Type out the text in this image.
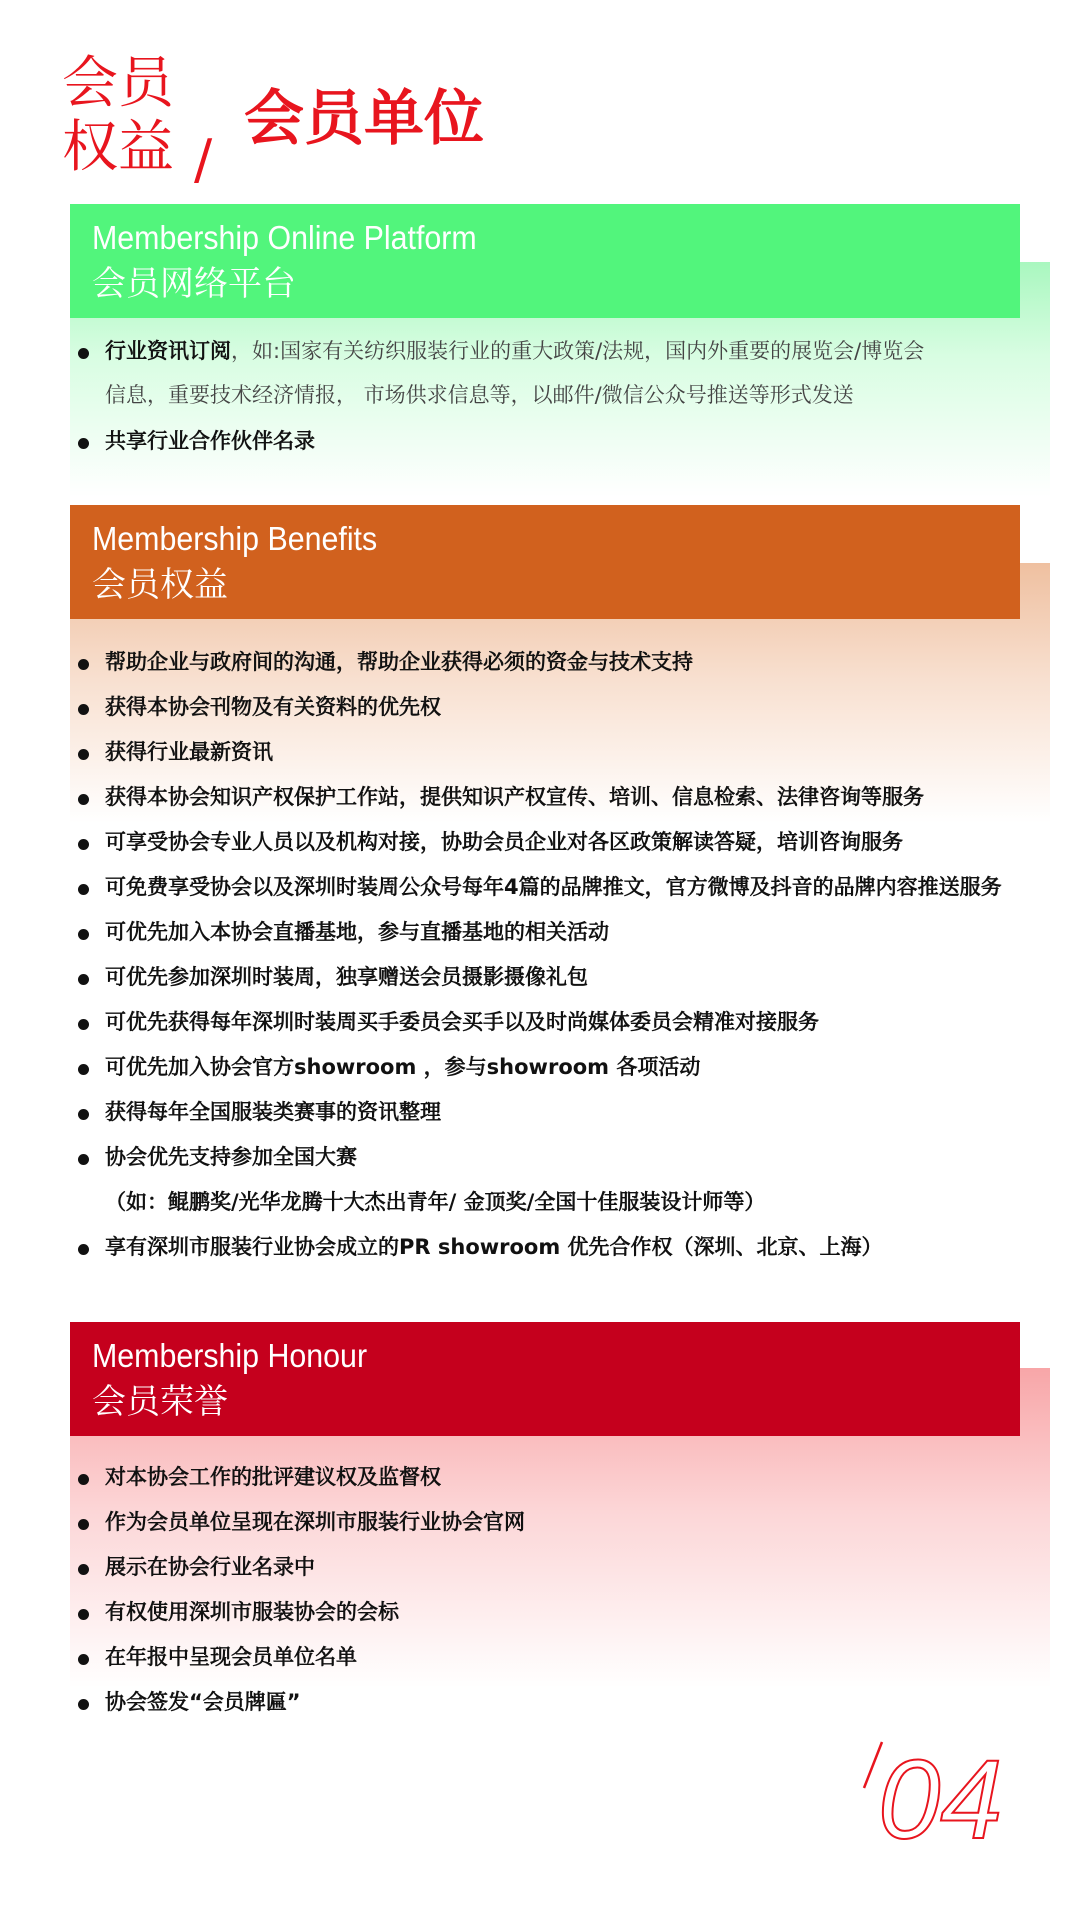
会员
权益 /
会员单位
Membership Online Platform
会员网络平台
行业资讯订阅，如:国家有关纺织服装行业的重大政策/法规，国内外重要的展览会/博览会
信息，重要技术经济情报， 市场供求信息等，以邮件/微信公众号推送等形式发送
共享行业合作伙伴名录
Membership Benefits
会员权益
帮助企业与政府间的沟通，帮助企业获得必须的资金与技术支持
获得本协会刊物及有关资料的优先权
获得行业最新资讯
获得本协会知识产权保护工作站，提供知识产权宣传、培训、信息检索、法律咨询等服务
可享受协会专业人员以及机构对接，协助会员企业对各区政策解读答疑，培训咨询服务
可免费享受协会以及深圳时装周公众号每年4篇的品牌推文，官方微博及抖音的品牌内容推送服务
可优先加入本协会直播基地，参与直播基地的相关活动
可优先参加深圳时装周，独享赠送会员摄影摄像礼包
可优先获得每年深圳时装周买手委员会买手以及时尚媒体委员会精准对接服务
可优先加入协会官方showroom ，参与showroom 各项活动
获得每年全国服装类赛事的资讯整理
协会优先支持参加全国大赛
（如：鲲鹏奖/光华龙腾十大杰出青年/ 金顶奖/全国十佳服装设计师等）
享有深圳市服装行业协会成立的PR showroom 优先合作权（深圳、北京、上海）
Membership Honour
会员荣誉
对本协会工作的批评建议权及监督权
作为会员单位呈现在深圳市服装行业协会官网
展示在协会行业名录中
有权使用深圳市服装协会的会标
在年报中呈现会员单位名单
协会签发“会员牌匾”
04
